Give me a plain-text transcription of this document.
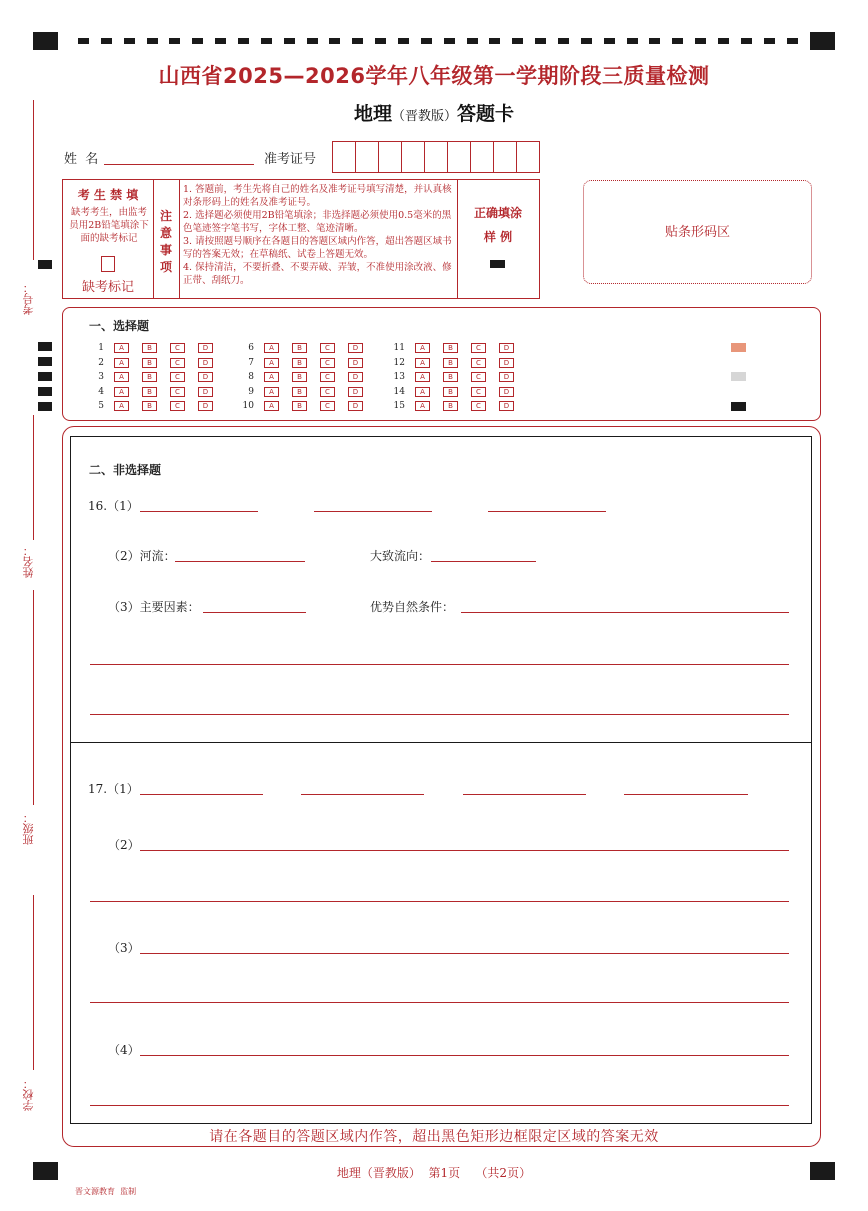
考号：
姓名：
班级：
学校：
山西省2025—2026学年八年级第一学期阶段三质量检测
地理（晋教版）答题卡
姓  名	准考证号
考 生 禁 填
缺考考生，由监考员用2B铅笔填涂下面的缺考标记
缺考标记
注意事项
1. 答题前，考生先将自己的姓名及准考证号填写清楚，并认真核对条形码上的姓名及准考证号。
2. 选择题必须使用2B铅笔填涂；非选择题必须使用0.5毫米的黑色笔迹签字笔书写，字体工整、笔迹清晰。
3. 请按照题号顺序在各题目的答题区域内作答，超出答题区域书写的答案无效；在草稿纸、试卷上答题无效。
4. 保持清洁，不要折叠、不要弄破、弄皱，不准使用涂改液、修正带、刮纸刀。
正确填涂
样 例	贴条形码区
一、选择题
1	A	B	C	D
2	A	B	C	D
3	A	B	C	D
4	A	B	C	D
5	A	B	C	D
6	A	B	C	D
7	A	B	C	D
8	A	B	C	D
9	A	B	C	D
10	A	B	C	D
11	A	B	C	D
12	A	B	C	D
13	A	B	C	D
14	A	B	C	D
15	A	B	C	D
二、非选择题
16.（1）
（2）河流：	大致流向：
（3）主要因素：	优势自然条件：
17.（1）
（2）
（3）
（4）
请在各题目的答题区域内作答，超出黑色矩形边框限定区域的答案无效
地理（晋教版）  第1页    （共2页）
晋文源教育  监制
